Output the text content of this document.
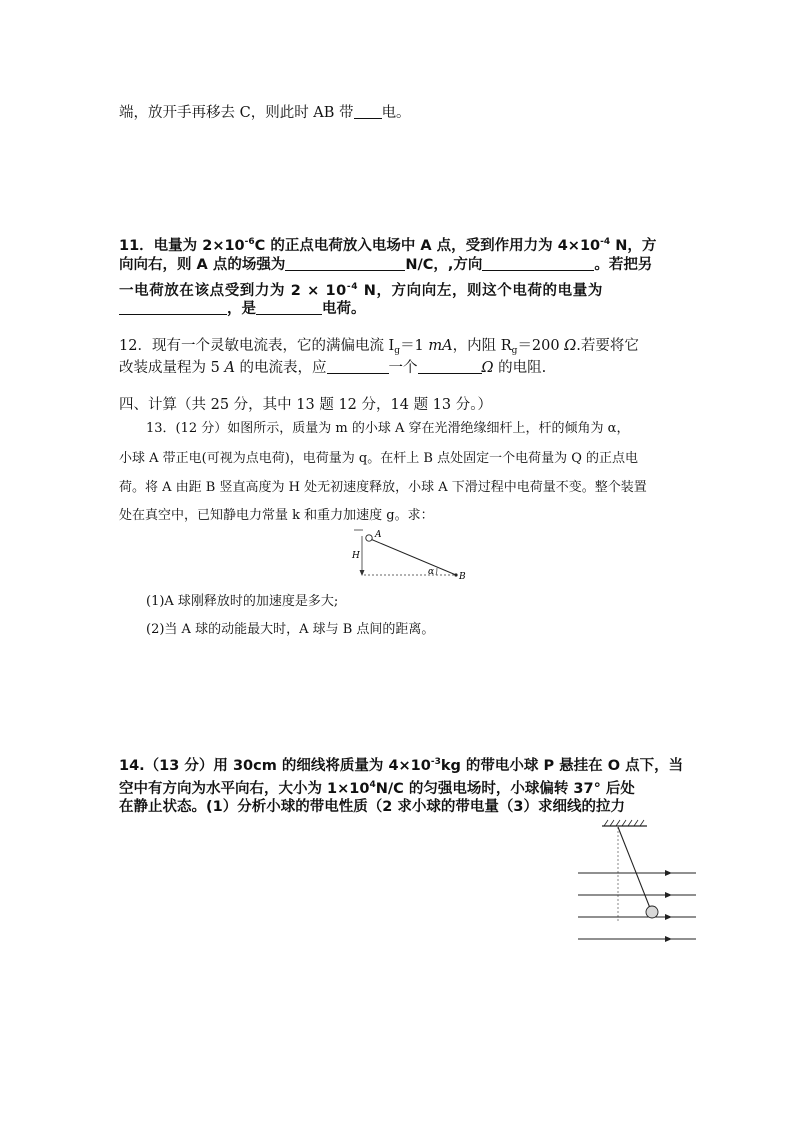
端，放开手再移去 C，则此时 AB 带 电。
11．电量为 $2\times 10^{-6}C$ 的正点电荷放入电场中 A 点，受到作用力为 $4\times 10^{-4}$ N，方
向向右，则 A 点的场强为	N/C，,方向	。若把另
一电荷放在该点受到力为 $2 \times 10^{-4}$ N，方向向左，则这个电荷的电量为
，是	电荷。
12．现有一个灵敏电流表，它的满偏电流 $I_g=1$ mA，内阻 $R_g=200$ Ω.若要将它
改装成量程为 5 A 的电流表，应	一个	Ω 的电阻.
四、计算（共 25 分，其中 13 题 12 分，14 题 13 分。）
13．(12 分）如图所示，质量为 m 的小球 A 穿在光滑绝缘细杆上，杆的倾角为 α，
小球 A 带正电(可视为点电荷)，电荷量为 q。在杆上 B 点处固定一个电荷量为 Q 的正点电
荷。将 A 由距 B 竖直高度为 H 处无初速度释放，小球 A 下滑过程中电荷量不变。整个装置
处在真空中，已知静电力常量 k 和重力加速度 g。求：
A
H
α	B
(1)A 球刚释放时的加速度是多大;
(2)当 A 球的动能最大时，A 球与 B 点间的距离。
14.（13 分）用 30cm 的细线将质量为 $4\times 10^{-3}kg$ 的带电小球 P 悬挂在 O 点下，当
空中有方向为水平向右，大小为 $1\times 10^4N/C$ 的匀强电场时，小球偏转 37° 后处
在静止状态。(1）分析小球的带电性质（2 求小球的带电量（3）求细线的拉力
